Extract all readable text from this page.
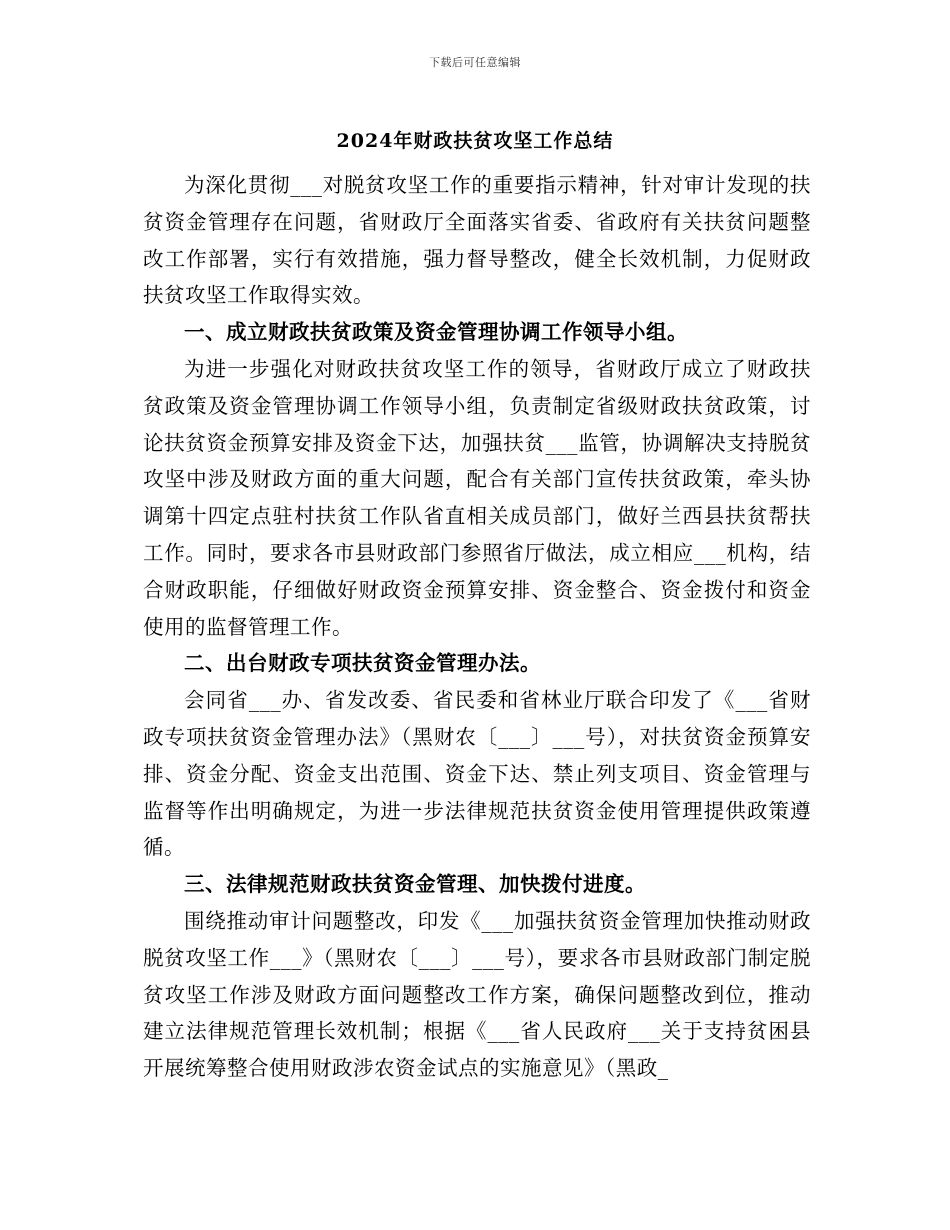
下载后可任意编辑
2024年财政扶贫攻坚工作总结

为深化贯彻___对脱贫攻坚工作的重要指示精神，针对审计发现的扶贫资金管理存在问题，省财政厅全面落实省委、省政府有关扶贫问题整改工作部署，实行有效措施，强力督导整改，健全长效机制，力促财政扶贫攻坚工作取得实效。

一、成立财政扶贫政策及资金管理协调工作领导小组。

为进一步强化对财政扶贫攻坚工作的领导，省财政厅成立了财政扶贫政策及资金管理协调工作领导小组，负责制定省级财政扶贫政策，讨论扶贫资金预算安排及资金下达，加强扶贫___监管，协调解决支持脱贫攻坚中涉及财政方面的重大问题，配合有关部门宣传扶贫政策，牵头协调第十四定点驻村扶贫工作队省直相关成员部门，做好兰西县扶贫帮扶工作。同时，要求各市县财政部门参照省厅做法，成立相应___机构，结合财政职能，仔细做好财政资金预算安排、资金整合、资金拨付和资金使用的监督管理工作。

二、出台财政专项扶贫资金管理办法。

会同省___办、省发改委、省民委和省林业厅联合印发了《___省财政专项扶贫资金管理办法》（黑财农〔___〕___号），对扶贫资金预算安排、资金分配、资金支出范围、资金下达、禁止列支项目、资金管理与监督等作出明确规定，为进一步法律规范扶贫资金使用管理提供政策遵循。

三、法律规范财政扶贫资金管理、加快拨付进度。

围绕推动审计问题整改，印发《___加强扶贫资金管理加快推动财政脱贫攻坚工作___》（黑财农〔___〕___号），要求各市县财政部门制定脱贫攻坚工作涉及财政方面问题整改工作方案，确保问题整改到位，推动建立法律规范管理长效机制；根据《___省人民政府___关于支持贫困县开展统筹整合使用财政涉农资金试点的实施意见》（黑政_
